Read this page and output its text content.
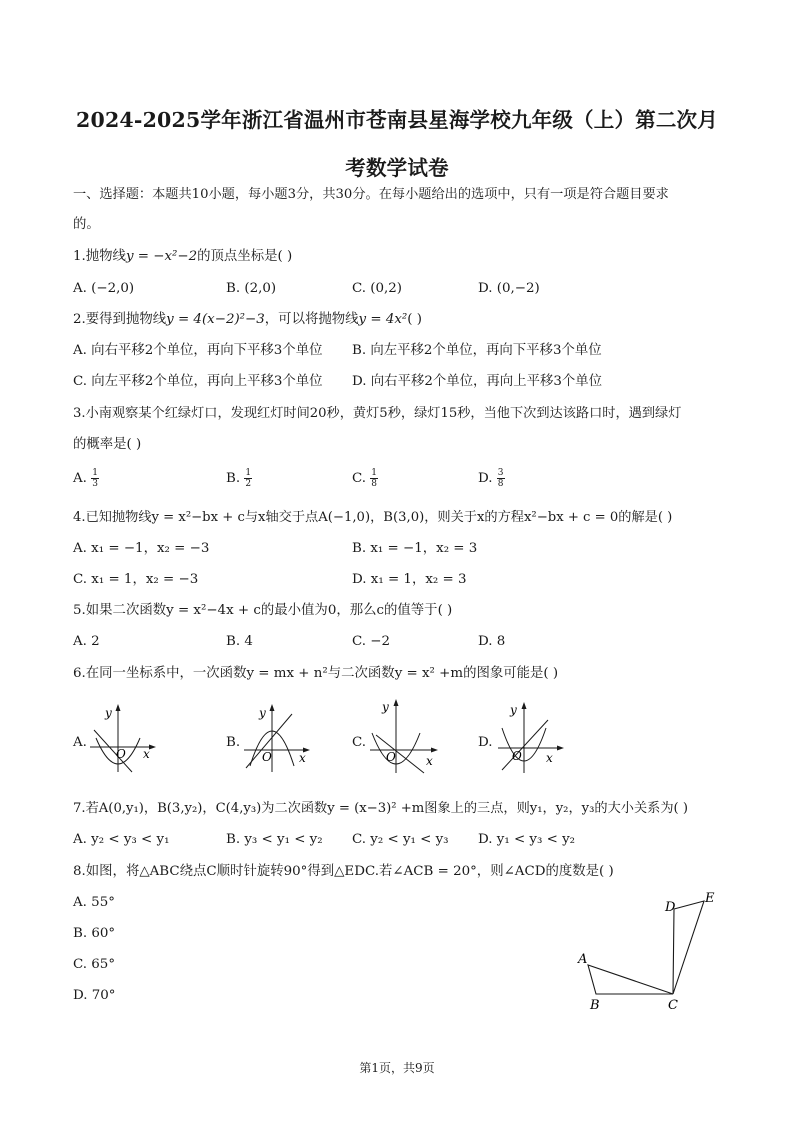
2024-2025学年浙江省温州市苍南县星海学校九年级（上）第二次月
考数学试卷
一、选择题：本题共10小题，每小题3分，共30分。在每小题给出的选项中，只有一项是符合题目要求
的。
1.抛物线y = −x²−2的顶点坐标是( )
A. (−2,0)	B. (2,0)	C. (0,2)	D. (0,−2)
2.要得到抛物线y = 4(x−2)²−3，可以将抛物线y = 4x²( )
A. 向右平移2个单位，再向下平移3个单位 B. 向左平移2个单位，再向下平移3个单位
C. 向左平移2个单位，再向上平移3个单位 D. 向右平移2个单位，再向上平移3个单位
3.小南观察某个红绿灯口，发现红灯时间20秒，黄灯5秒，绿灯15秒，当他下次到达该路口时，遇到绿灯
的概率是( )
A. $\frac{1}{3}$	B. $\frac{1}{2}$	C. $\frac{1}{8}$	D. $\frac{3}{8}$
4.已知抛物线y = x²−bx + c与x轴交于点A(−1,0)，B(3,0)，则关于x的方程x²−bx + c = 0的解是( )
A. x₁ = −1，x₂ = −3	B. x₁ = −1，x₂ = 3
C. x₁ = 1，x₂ = −3	D. x₁ = 1，x₂ = 3
5.如果二次函数y = x²−4x + c的最小值为0，那么c的值等于( )
A. 2	B. 4	C. −2	D. 8
6.在同一坐标系中，一次函数y = mx + n²与二次函数y = x² +m的图象可能是( )
A.
y
x
O
B.
y
x
O
C.
y
x
O
D.
y
x
O
7.若A(0,y₁)，B(3,y₂)，C(4,y₃)为二次函数y = (x−3)² +m图象上的三点，则y₁，y₂，y₃的大小关系为( )
A. y₂ < y₃ < y₁	B. y₃ < y₁ < y₂ C. y₂ < y₁ < y₃ D. y₁ < y₃ < y₂
8.如图，将△ABC绕点C顺时针旋转90°得到△EDC.若∠ACB = 20°，则∠ACD的度数是( )
A. 55°
B. 60°
C. 65°
D. 70°
A
B	C
D
E
第1页，共9页
